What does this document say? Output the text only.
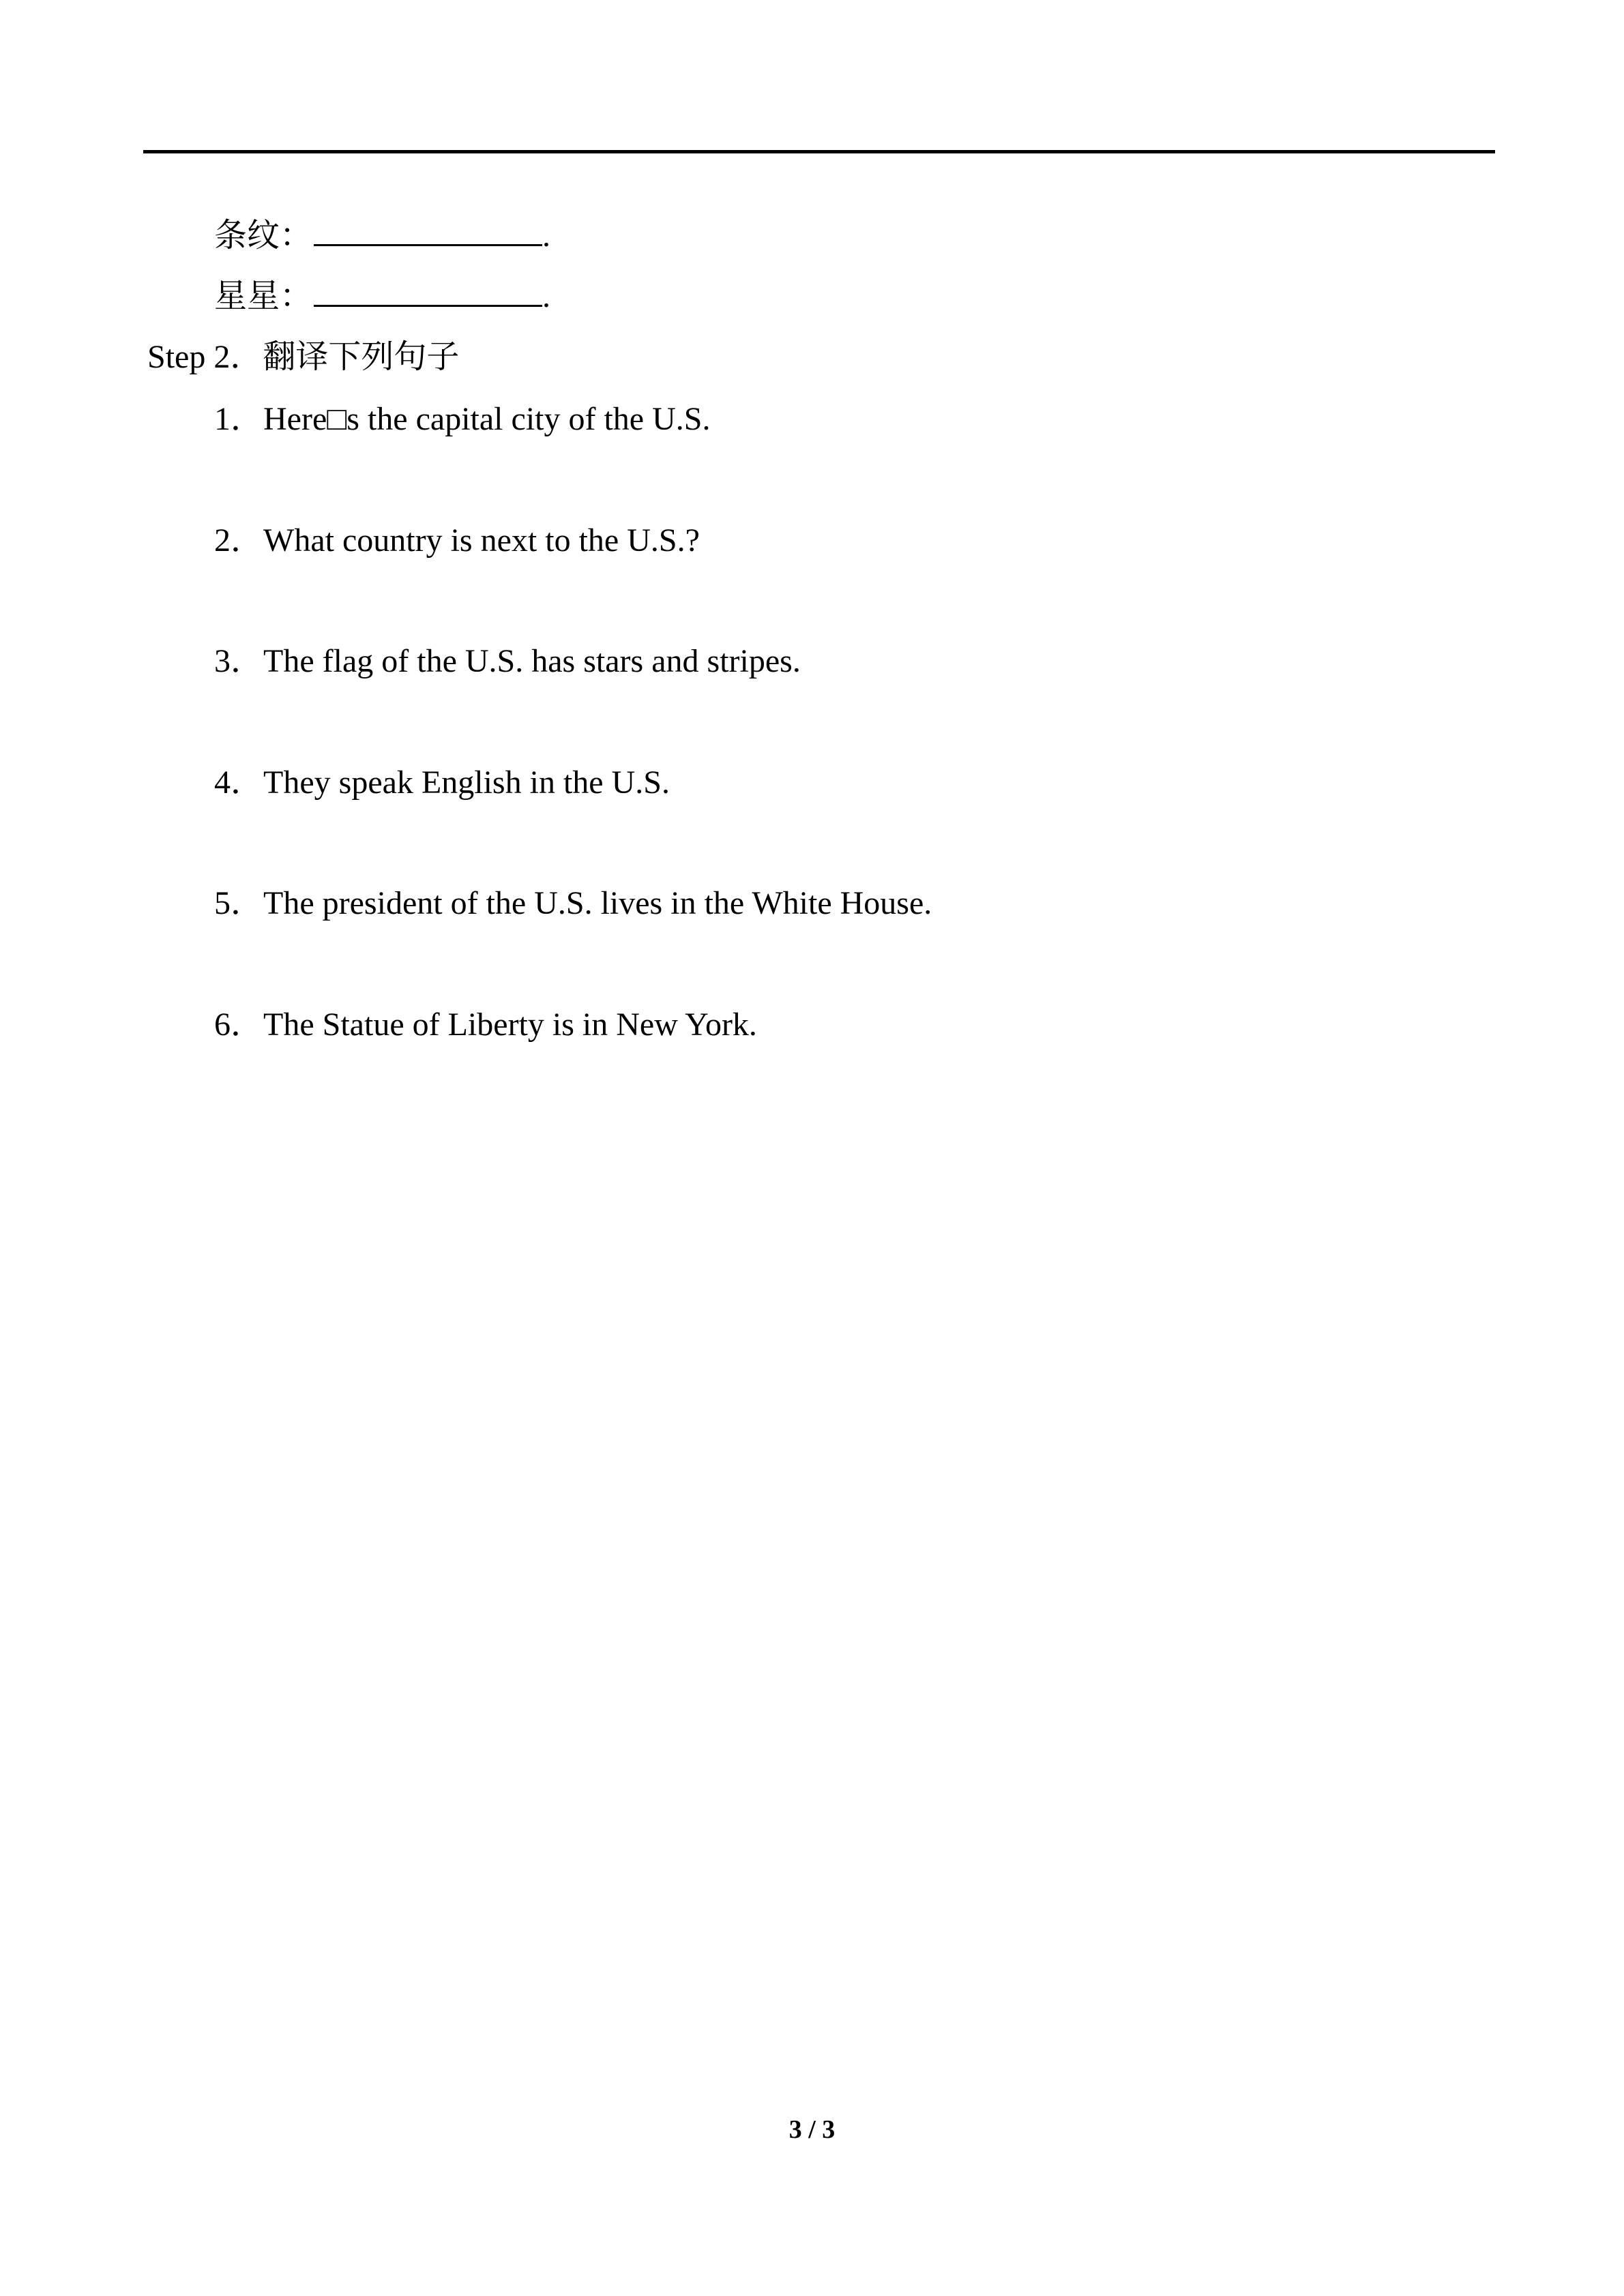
条纹：	.
星星：	.
Step 2．翻译下列句子
1．Here□s the capital city of the U.S.
2．What country is next to the U.S.?
3．The flag of the U.S. has stars and stripes.
4．They speak English in the U.S.
5．The president of the U.S. lives in the White House.
6．The Statue of Liberty is in New York.
3 / 3
